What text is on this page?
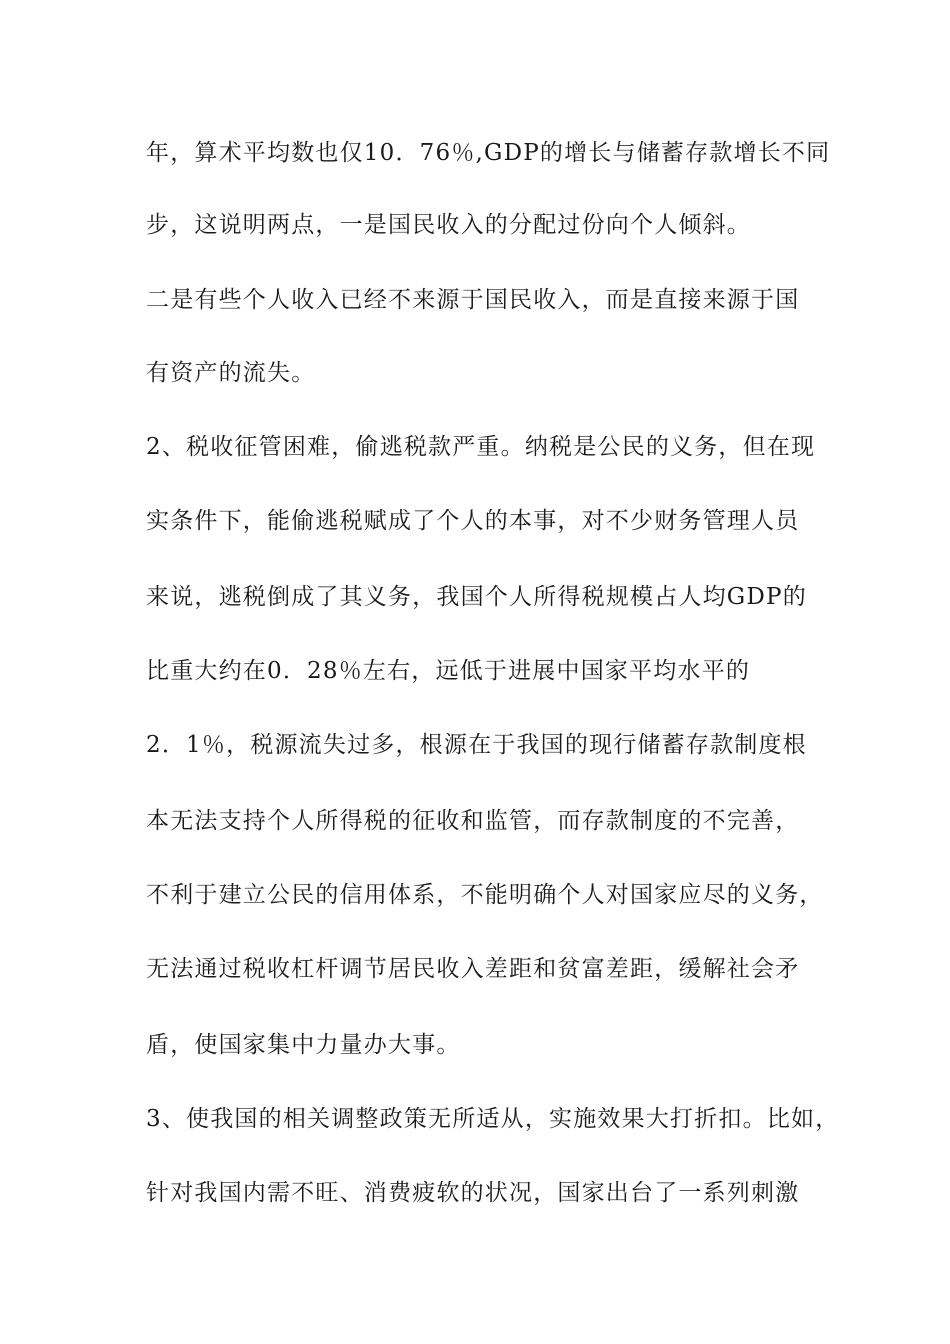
年，算术平均数也仅10．76％,GDP的增长与储蓄存款增长不同
步，这说明两点，一是国民收入的分配过份向个人倾斜。
二是有些个人收入已经不来源于国民收入，而是直接来源于国
有资产的流失。
2、税收征管困难，偷逃税款严重。纳税是公民的义务，但在现
实条件下，能偷逃税赋成了个人的本事，对不少财务管理人员
来说，逃税倒成了其义务，我国个人所得税规模占人均GDP的
比重大约在0．28％左右，远低于进展中国家平均水平的
2．1％，税源流失过多，根源在于我国的现行储蓄存款制度根
本无法支持个人所得税的征收和监管，而存款制度的不完善，
不利于建立公民的信用体系，不能明确个人对国家应尽的义务，
无法通过税收杠杆调节居民收入差距和贫富差距，缓解社会矛
盾，使国家集中力量办大事。
3、使我国的相关调整政策无所适从，实施效果大打折扣。比如，
针对我国内需不旺、消费疲软的状况，国家出台了一系列刺激
